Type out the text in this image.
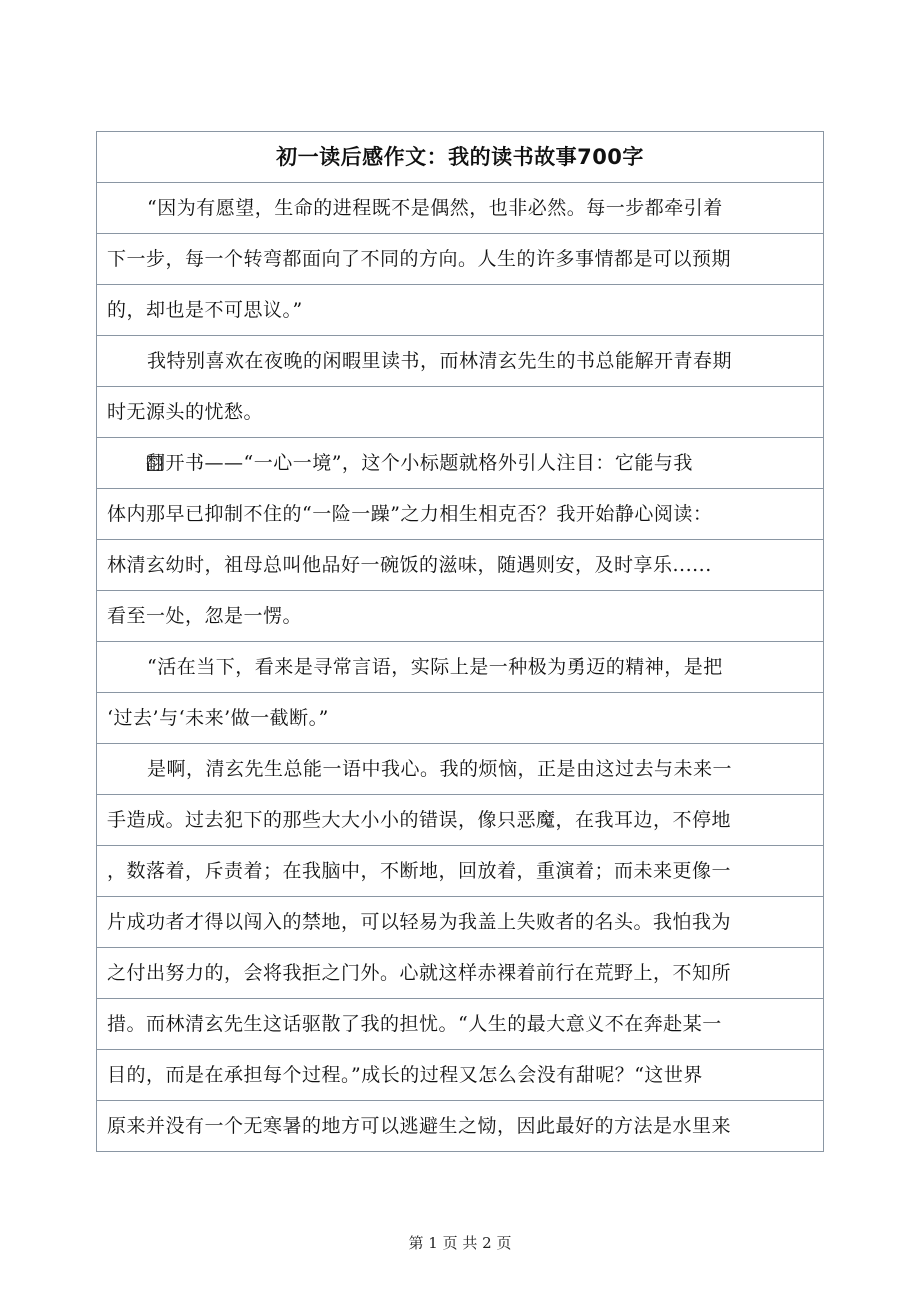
初一读后感作文：我的读书故事700字
“因为有愿望，生命的进程既不是偶然，也非必然。每一步都牵引着
下一步，每一个转弯都面向了不同的方向。人生的许多事情都是可以预期
的，却也是不可思议。”
我特别喜欢在夜晚的闲暇里读书，而林清玄先生的书总能解开青春期
时无源头的忧愁。
翻开书——“一心一境”，这个小标题就格外引人注目：它能与我
体内那早已抑制不住的“一险一躁”之力相生相克否？我开始静心阅读：
林清玄幼时，祖母总叫他品好一碗饭的滋味，随遇则安，及时享乐......
看至一处，忽是一愣。
“活在当下，看来是寻常言语，实际上是一种极为勇迈的精神，是把
‘过去’与‘未来’做一截断。”
是啊，清玄先生总能一语中我心。我的烦恼，正是由这过去与未来一
手造成。过去犯下的那些大大小小的错误，像只恶魔，在我耳边，不停地
，数落着，斥责着；在我脑中，不断地，回放着，重演着；而未来更像一
片成功者才得以闯入的禁地，可以轻易为我盖上失败者的名头。我怕我为
之付出努力的，会将我拒之门外。心就这样赤裸着前行在荒野上，不知所
措。而林清玄先生这话驱散了我的担忧。“人生的最大意义不在奔赴某一
目的，而是在承担每个过程。”成长的过程又怎么会没有甜呢？“这世界
原来并没有一个无寒暑的地方可以逃避生之恸，因此最好的方法是水里来
第 1 页 共 2 页
